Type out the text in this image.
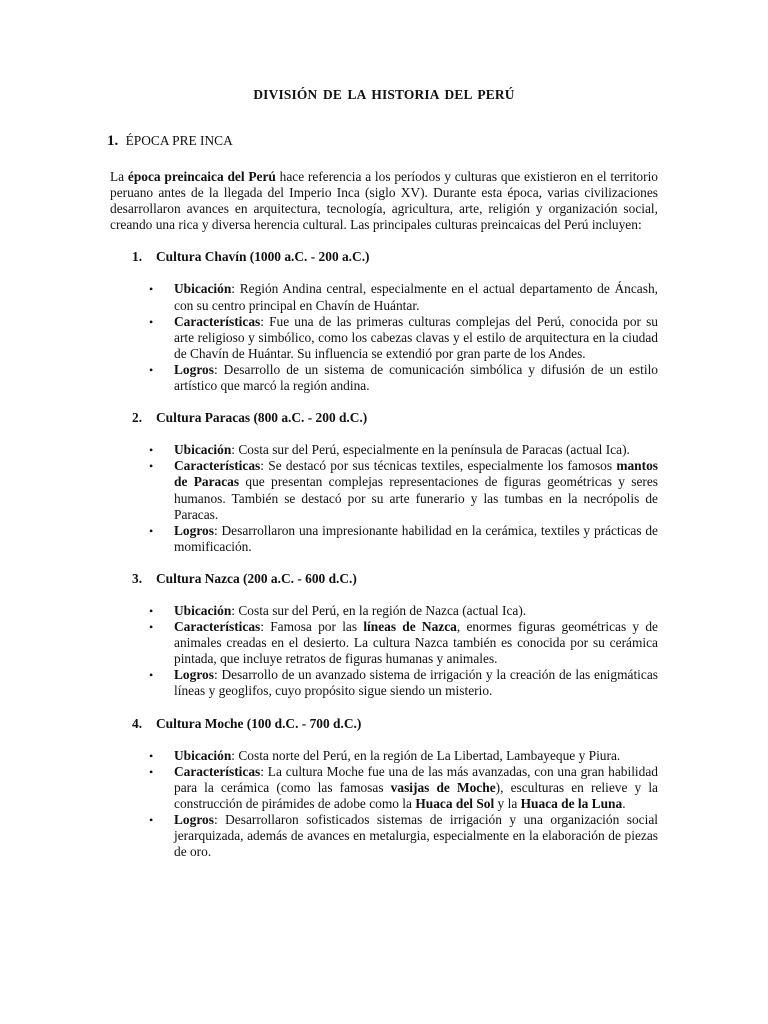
DIVISIÓN DE LA HISTORIA DEL PERÚ
1. ÉPOCA PRE INCA

La época preincaica del Perú hace referencia a los períodos y culturas que existieron en el territorio peruano antes de la llegada del Imperio Inca (siglo XV). Durante esta época, varias civilizaciones desarrollaron avances en arquitectura, tecnología, agricultura, arte, religión y organización social, creando una rica y diversa herencia cultural. Las principales culturas preincaicas del Perú incluyen:

1. Cultura Chavín (1000 a.C. - 200 a.C.)
• Ubicación: Región Andina central, especialmente en el actual departamento de Áncash, con su centro principal en Chavín de Huántar.
• Características: Fue una de las primeras culturas complejas del Perú, conocida por su arte religioso y simbólico, como los cabezas clavas y el estilo de arquitectura en la ciudad de Chavín de Huántar. Su influencia se extendió por gran parte de los Andes.
• Logros: Desarrollo de un sistema de comunicación simbólica y difusión de un estilo artístico que marcó la región andina.
2. Cultura Paracas (800 a.C. - 200 d.C.)
• Ubicación: Costa sur del Perú, especialmente en la península de Paracas (actual Ica).
• Características: Se destacó por sus técnicas textiles, especialmente los famosos mantos de Paracas que presentan complejas representaciones de figuras geométricas y seres humanos. También se destacó por su arte funerario y las tumbas en la necrópolis de Paracas.
• Logros: Desarrollaron una impresionante habilidad en la cerámica, textiles y prácticas de momificación.
3. Cultura Nazca (200 a.C. - 600 d.C.)
• Ubicación: Costa sur del Perú, en la región de Nazca (actual Ica).
• Características: Famosa por las líneas de Nazca, enormes figuras geométricas y de animales creadas en el desierto. La cultura Nazca también es conocida por su cerámica pintada, que incluye retratos de figuras humanas y animales.
• Logros: Desarrollo de un avanzado sistema de irrigación y la creación de las enigmáticas líneas y geoglifos, cuyo propósito sigue siendo un misterio.
4. Cultura Moche (100 d.C. - 700 d.C.)
• Ubicación: Costa norte del Perú, en la región de La Libertad, Lambayeque y Piura.
• Características: La cultura Moche fue una de las más avanzadas, con una gran habilidad para la cerámica (como las famosas vasijas de Moche), esculturas en relieve y la construcción de pirámides de adobe como la Huaca del Sol y la Huaca de la Luna.
• Logros: Desarrollaron sofisticados sistemas de irrigación y una organización social jerarquizada, además de avances en metalurgia, especialmente en la elaboración de piezas de oro.
